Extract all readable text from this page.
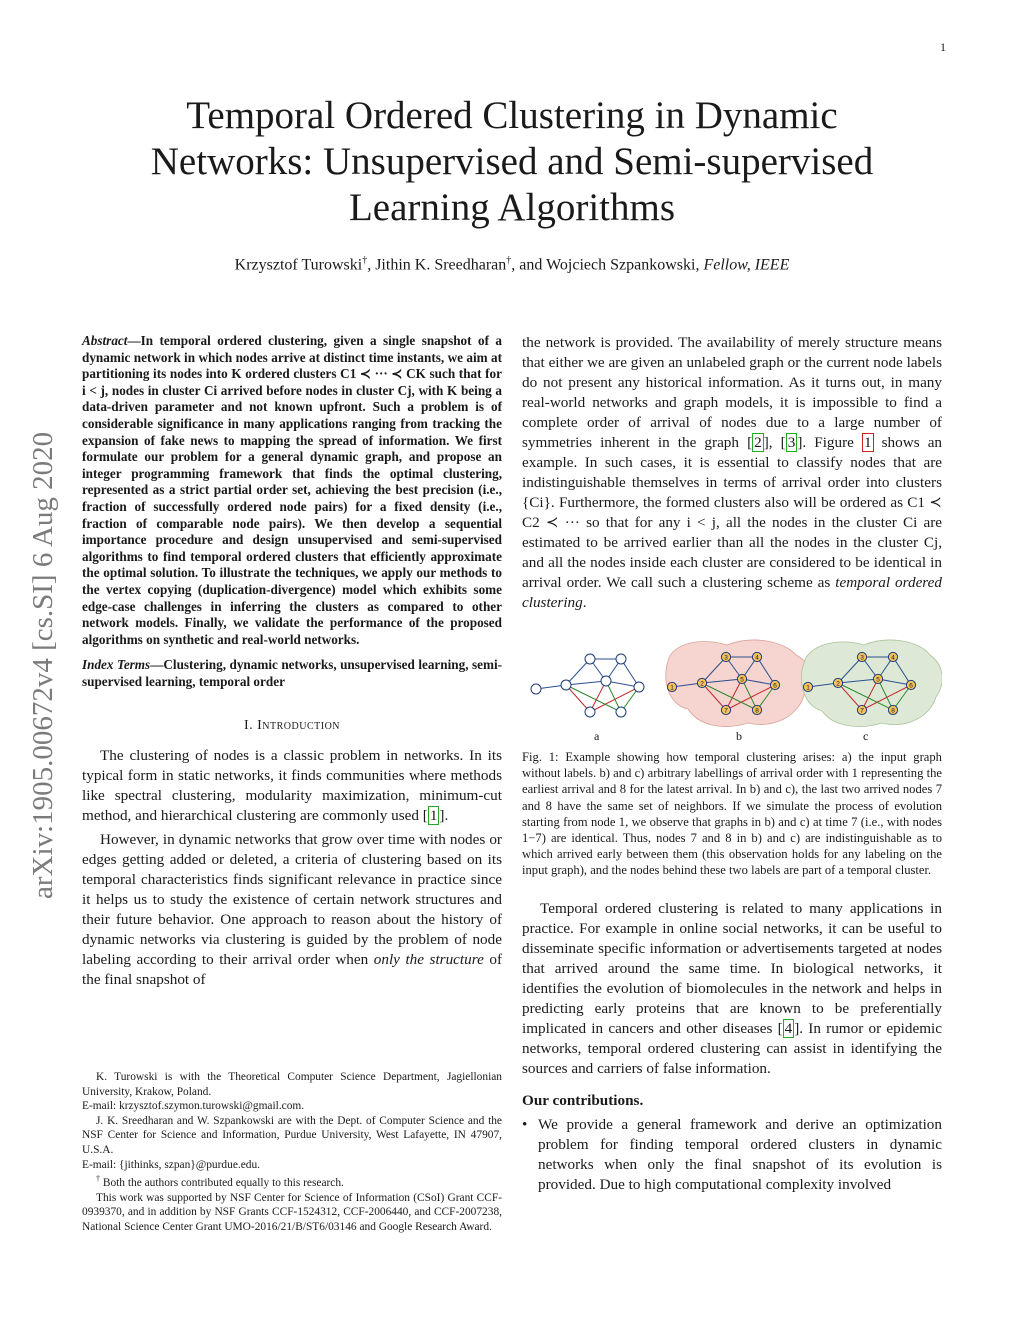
1
arXiv:1905.00672v4 [cs.SI] 6 Aug 2020
Temporal Ordered Clustering in Dynamic Networks: Unsupervised and Semi-supervised Learning Algorithms
Krzysztof Turowski†, Jithin K. Sreedharan†, and Wojciech Szpankowski, Fellow, IEEE
Abstract—In temporal ordered clustering, given a single snapshot of a dynamic network in which nodes arrive at distinct time instants, we aim at partitioning its nodes into K ordered clusters C1 ≺ ··· ≺ CK such that for i < j, nodes in cluster Ci arrived before nodes in cluster Cj, with K being a data-driven parameter and not known upfront. Such a problem is of considerable significance in many applications ranging from tracking the expansion of fake news to mapping the spread of information. We first formulate our problem for a general dynamic graph, and propose an integer programming framework that finds the optimal clustering, represented as a strict partial order set, achieving the best precision (i.e., fraction of successfully ordered node pairs) for a fixed density (i.e., fraction of comparable node pairs). We then develop a sequential importance procedure and design unsupervised and semi-supervised algorithms to find temporal ordered clusters that efficiently approximate the optimal solution. To illustrate the techniques, we apply our methods to the vertex copying (duplication-divergence) model which exhibits some edge-case challenges in inferring the clusters as compared to other network models. Finally, we validate the performance of the proposed algorithms on synthetic and real-world networks.
Index Terms—Clustering, dynamic networks, unsupervised learning, semi-supervised learning, temporal order
I. Introduction

The clustering of nodes is a classic problem in networks. In its typical form in static networks, it finds communities where methods like spectral clustering, modularity maximization, minimum-cut method, and hierarchical clustering are commonly used [ 1 ].

However, in dynamic networks that grow over time with nodes or edges getting added or deleted, a criteria of clustering based on its temporal characteristics finds significant relevance in practice since it helps us to study the existence of certain network structures and their future behavior. One approach to reason about the history of dynamic networks via clustering is guided by the problem of node labeling according to their arrival order when only the structure of the final snapshot of

K. Turowski is with the Theoretical Computer Science Department, Jagiellonian University, Krakow, Poland.

E-mail: krzysztof.szymon.turowski@gmail.com.

J. K. Sreedharan and W. Szpankowski are with the Dept. of Computer Science and the NSF Center for Science and Information, Purdue University, West Lafayette, IN 47907, U.S.A.

E-mail: {jithinks, szpan}@purdue.edu.

† Both the authors contributed equally to this research.

This work was supported by NSF Center for Science of Information (CSoI) Grant CCF-0939370, and in addition by NSF Grants CCF-1524312, CCF-2006440, and CCF-2007238, National Science Center Grant UMO-2016/21/B/ST6/03146 and Google Research Award.

the network is provided. The availability of merely structure means that either we are given an unlabeled graph or the current node labels do not present any historical information. As it turns out, in many real-world networks and graph models, it is impossible to find a complete order of arrival of nodes due to a large number of symmetries inherent in the graph [ 2 ], [ 3 ]. Figure 1 shows an example. In such cases, it is essential to classify nodes that are indistinguishable themselves in terms of arrival order into clusters {Ci}. Furthermore, the formed clusters also will be ordered as C1 ≺ C2 ≺ ··· so that for any i < j, all the nodes in the cluster Ci are estimated to be arrived earlier than all the nodes in the cluster Cj, and all the nodes inside each cluster are considered to be identical in arrival order. We call such a clustering scheme as temporal ordered clustering.

1
2
3	4
5
6
7	8
1
2
3	4
5
6
7	8
a	b	c
Fig. 1: Example showing how temporal clustering arises: a) the input graph without labels. b) and c) arbitrary labellings of arrival order with 1 representing the earliest arrival and 8 for the latest arrival. In b) and c), the last two arrived nodes 7 and 8 have the same set of neighbors. If we simulate the process of evolution starting from node 1, we observe that graphs in b) and c) at time 7 (i.e., with nodes 1−7) are identical. Thus, nodes 7 and 8 in b) and c) are indistinguishable as to which arrived early between them (this observation holds for any labeling on the input graph), and the nodes behind these two labels are part of a temporal cluster.

Temporal ordered clustering is related to many applications in practice. For example in online social networks, it can be useful to disseminate specific information or advertisements targeted at nodes that arrived around the same time. In biological networks, it identifies the evolution of biomolecules in the network and helps in predicting early proteins that are known to be preferentially implicated in cancers and other diseases [ 4 ]. In rumor or epidemic networks, temporal ordered clustering can assist in identifying the sources and carriers of false information.

Our contributions.
• We provide a general framework and derive an optimization problem for finding temporal ordered clusters in dynamic networks when only the final snapshot of its evolution is provided. Due to high computational complexity involved
